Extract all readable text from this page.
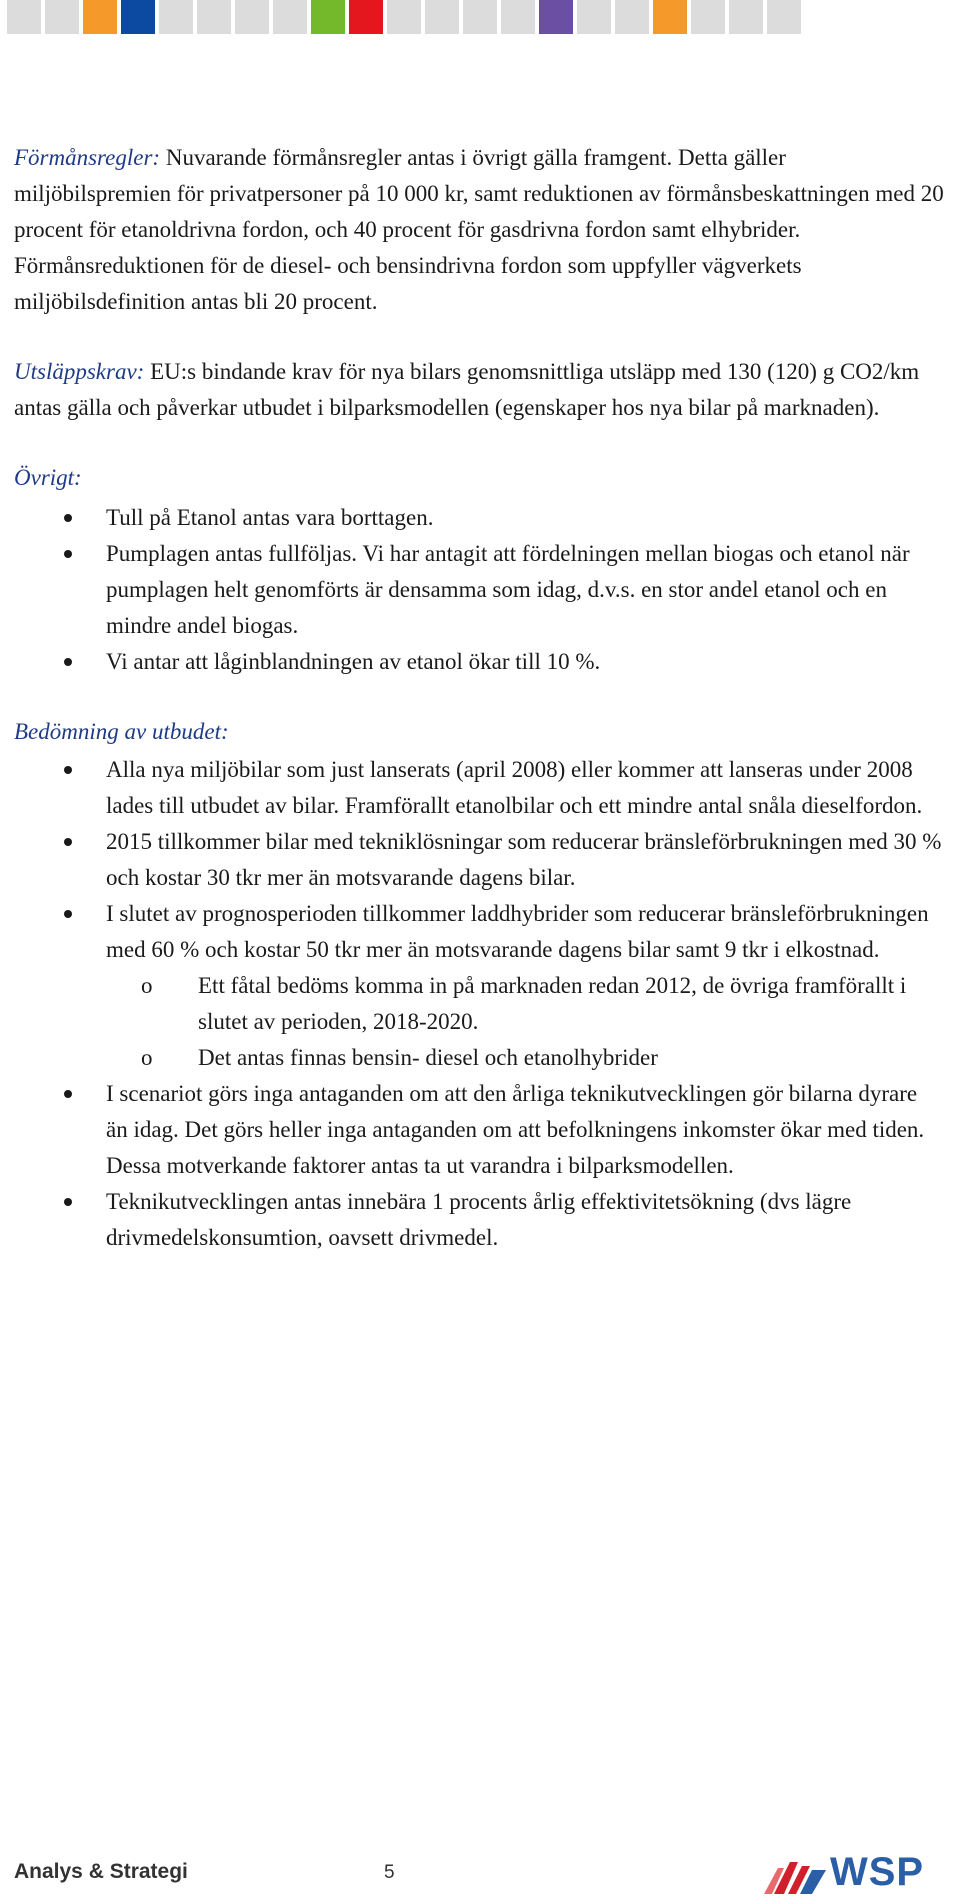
Förmånsregler: Nuvarande förmånsregler antas i övrigt gälla framgent. Detta gäller miljöbilspremien för privatpersoner på 10 000 kr, samt reduktionen av förmånsbeskattningen med 20 procent för etanoldrivna fordon, och 40 procent för gasdrivna fordon samt elhybrider. Förmånsreduktionen för de diesel- och bensindrivna fordon som uppfyller vägverkets miljöbilsdefinition antas bli 20 procent.

Utsläppskrav: EU:s bindande krav för nya bilars genomsnittliga utsläpp med 130 (120) g CO2/km antas gälla och påverkar utbudet i bilparksmodellen (egenskaper hos nya bilar på marknaden).

Övrigt:
Tull på Etanol antas vara borttagen.
Pumplagen antas fullföljas. Vi har antagit att fördelningen mellan biogas och etanol när pumplagen helt genomförts är densamma som idag, d.v.s. en stor andel etanol och en mindre andel biogas.
Vi antar att låginblandningen av etanol ökar till 10 %.
Bedömning av utbudet:
Alla nya miljöbilar som just lanserats (april 2008) eller kommer att lanseras under 2008 lades till utbudet av bilar. Framförallt etanolbilar och ett mindre antal snåla dieselfordon.
2015 tillkommer bilar med tekniklösningar som reducerar bränsleförbrukningen med 30 % och kostar 30 tkr mer än motsvarande dagens bilar.
I slutet av prognosperioden tillkommer laddhybrider som reducerar bränsleförbrukningen med 60 % och kostar 50 tkr mer än motsvarande dagens bilar samt 9 tkr i elkostnad.
o Ett fåtal bedöms komma in på marknaden redan 2012, de övriga framförallt i slutet av perioden, 2018-2020.
o Det antas finnas bensin- diesel och etanolhybrider
I scenariot görs inga antaganden om att den årliga teknikutvecklingen gör bilarna dyrare än idag. Det görs heller inga antaganden om att befolkningens inkomster ökar med tiden. Dessa motverkande faktorer antas ta ut varandra i bilparksmodellen.
Teknikutvecklingen antas innebära 1 procents årlig effektivitetsökning (dvs lägre drivmedelskonsumtion, oavsett drivmedel.
Analys & Strategi	5	WSP
